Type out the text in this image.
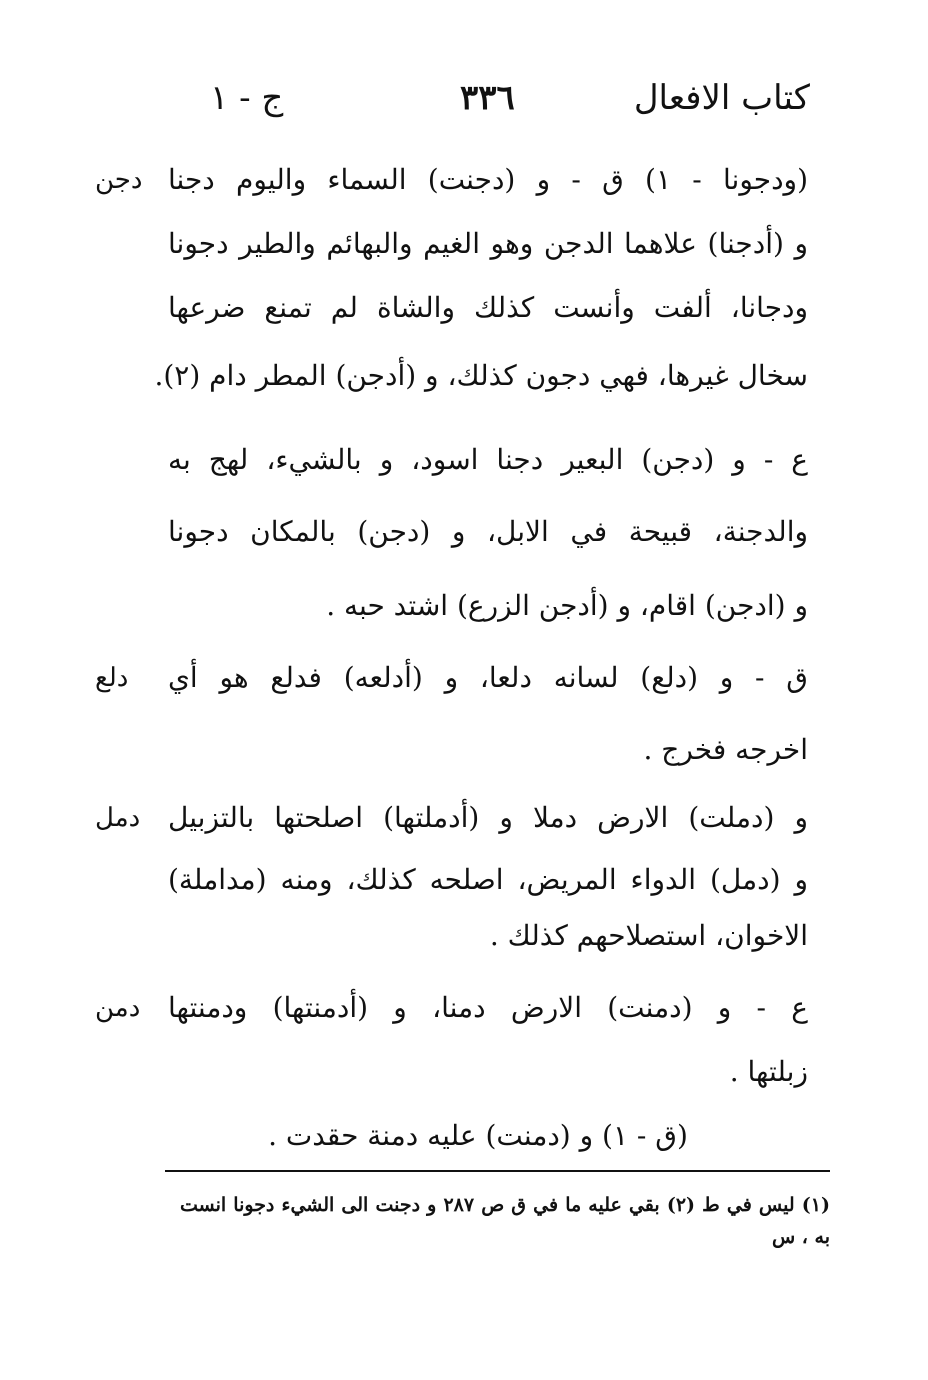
كتاب الافعال
٣٣٦
ج - ١
دجن (ودجونا - ١) ق - و (دجنت) السماء واليوم دجنا
و (أدجنا) علاهما الدجن وهو الغيم والبهائم والطير دجونا
ودجانا، ألفت وأنست كذلك والشاة لم تمنع ضرعها
سخال غيرها، فهي دجون كذلك، و (أدجن) المطر دام (٢).
ع - و (دجن) البعير دجنا اسود، و بالشيء، لهج به
والدجنة، قبيحة في الابل، و (دجن) بالمكان دجونا
و (ادجن) اقام، و (أدجن الزرع) اشتد حبه .
دلع	ق - و (دلع) لسانه دلعا، و (أدلعه) فدلع هو أي
اخرجه فخرج .
دمل و (دملت) الارض دملا و (أدملتها) اصلحتها بالتزبيل
و (دمل) الدواء المريض، اصلحه كذلك، ومنه (مداملة)
الاخوان، استصلاحهم كذلك .
دمن ع - و (دمنت) الارض دمنا، و (أدمنتها) ودمنتها
زبلتها .
(ق - ١) و (دمنت) عليه دمنة حقدت .
(١) ليس في ط (٢) بقي عليه ما في ق ص ٢٨٧ و دجنت الى الشيء دجونا انست
به ، س
